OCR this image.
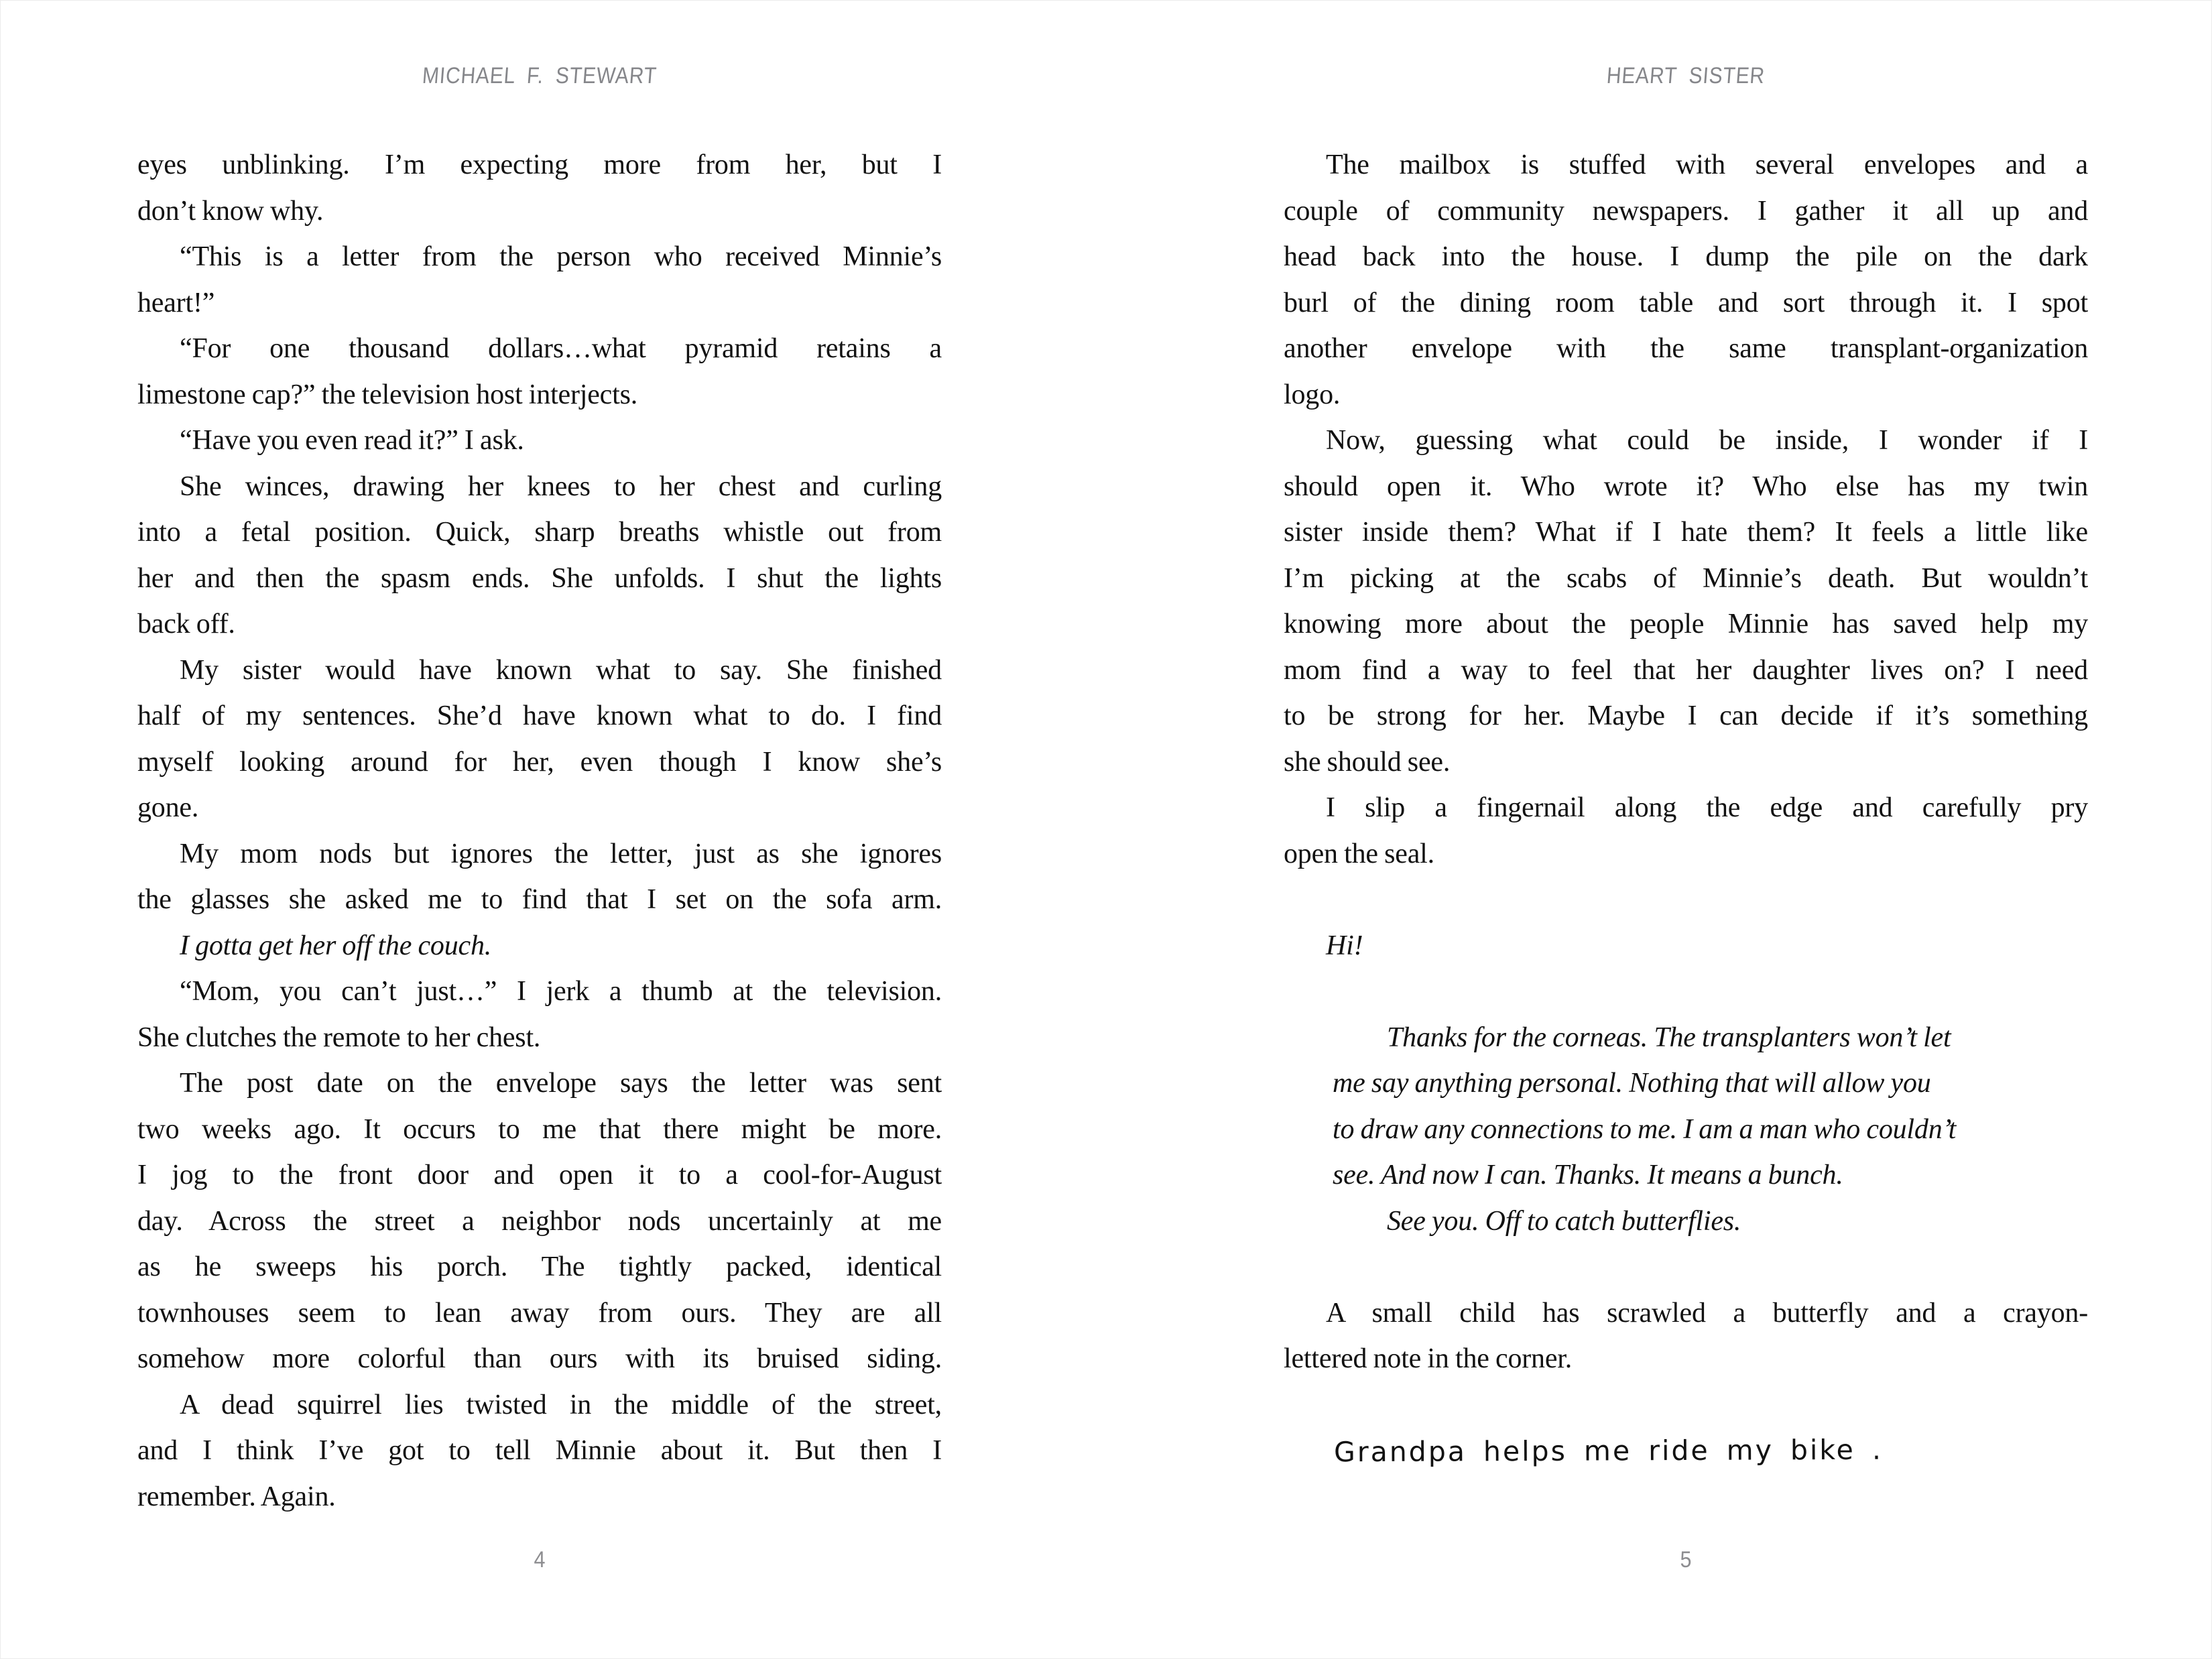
MICHAEL F. STEWART	HEART SISTER
eyes unblinking. I’m expecting more from her, but I
don’t know why.
“This is a letter from the person who received Minnie’s
heart!”
“For one thousand dollars…what pyramid retains a
limestone cap?” the television host interjects.
“Have you even read it?” I ask.
She winces, drawing her knees to her chest and curling
into a fetal position. Quick, sharp breaths whistle out from
her and then the spasm ends. She unfolds. I shut the lights
back off.
My sister would have known what to say. She finished
half of my sentences. She’d have known what to do. I find
myself looking around for her, even though I know she’s
gone.
My mom nods but ignores the letter, just as she ignores
the glasses she asked me to find that I set on the sofa arm.
I gotta get her off the couch.
“Mom, you can’t just…” I jerk a thumb at the television.
She clutches the remote to her chest.
The post date on the envelope says the letter was sent
two weeks ago. It occurs to me that there might be more.
I jog to the front door and open it to a cool-for-August
day. Across the street a neighbor nods uncertainly at me
as he sweeps his porch. The tightly packed, identical
townhouses seem to lean away from ours. They are all
somehow more colorful than ours with its bruised siding.
A dead squirrel lies twisted in the middle of the street,
and I think I’ve got to tell Minnie about it. But then I
remember. Again.
The mailbox is stuffed with several envelopes and a
couple of community newspapers. I gather it all up and
head back into the house. I dump the pile on the dark
burl of the dining room table and sort through it. I spot
another envelope with the same transplant-organization
logo.
Now, guessing what could be inside, I wonder if I
should open it. Who wrote it? Who else has my twin
sister inside them? What if I hate them? It feels a little like
I’m picking at the scabs of Minnie’s death. But wouldn’t
knowing more about the people Minnie has saved help my
mom find a way to feel that her daughter lives on? I need
to be strong for her. Maybe I can decide if it’s something
she should see.
I slip a fingernail along the edge and carefully pry
open the seal.
Hi!
Thanks for the corneas. The transplanters won’t let
me say anything personal. Nothing that will allow you
to draw any connections to me. I am a man who couldn’t
see. And now I can. Thanks. It means a bunch.
See you. Off to catch butterflies.
A small child has scrawled a butterfly and a crayon-
lettered note in the corner.
Grandpa helps me ride my bike .
4	5
